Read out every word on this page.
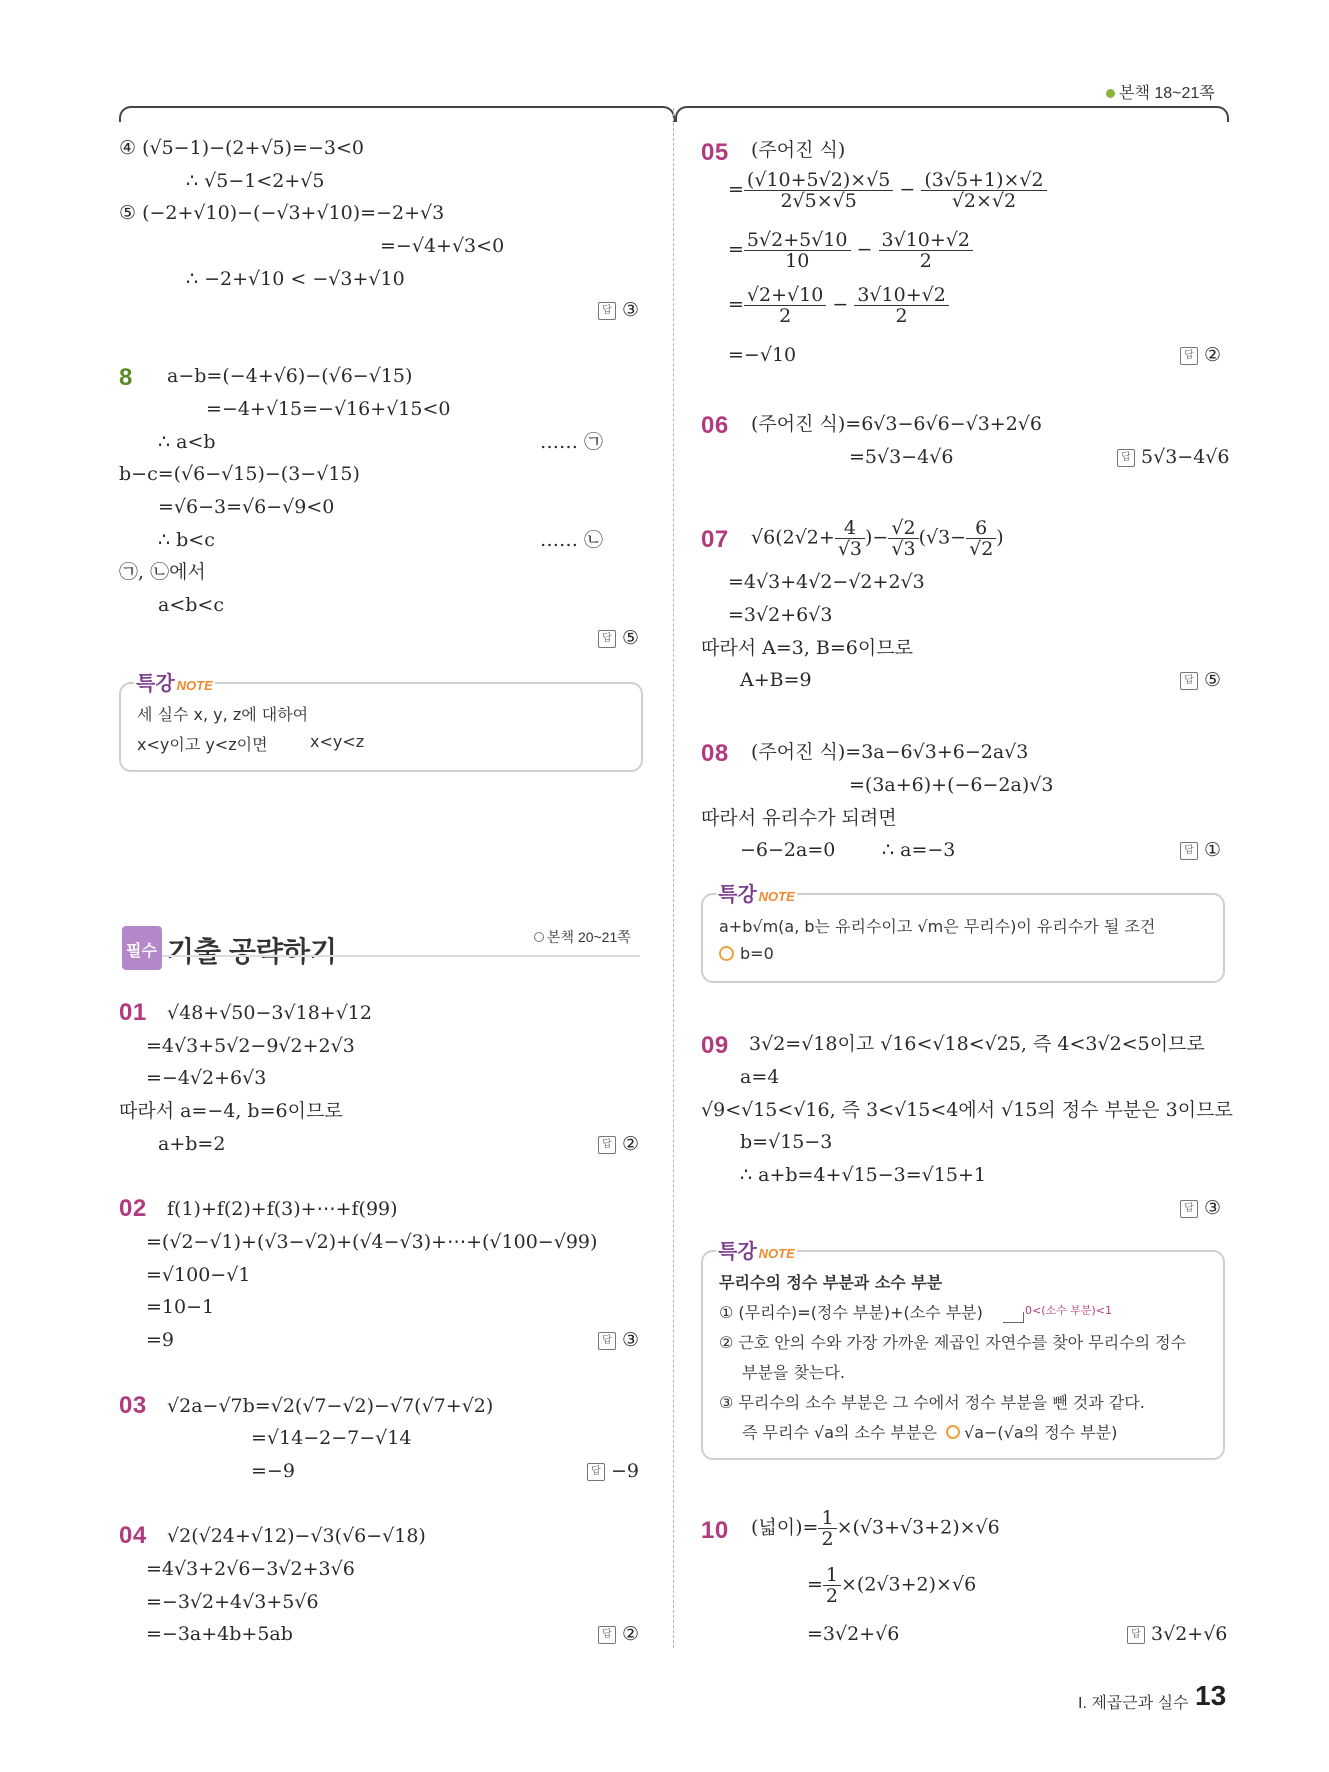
본책 18~21쪽
④ (√5−1)−(2+√5)=−3<0
∴ √5−1<2+√5
⑤ (−2+√10)−(−√3+√10)=−2+√3
=−√4+√3<0
∴ −2+√10 < −√3+√10
답 ③
8 a−b=(−4+√6)−(√6−√15)
=−4+√15=−√16+√15<0
∴ a<b	…… ㉠
b−c=(√6−√15)−(3−√15)
=√6−3=√6−√9<0
∴ b<c	…… ㉡
㉠, ㉡에서
a<b<c
답 ⑤
특강 NOTE
세 실수 x, y, z에 대하여
x<y이고 y<z이면	x<y<z
필수 기출 공략하기	본책 20~21쪽
01 √48+√50−3√18+√12
=4√3+5√2−9√2+2√3
=−4√2+6√3
따라서 a=−4, b=6이므로
a+b=2	답 ②
02 f(1)+f(2)+f(3)+⋯+f(99)
=(√2−√1)+(√3−√2)+(√4−√3)+⋯+(√100−√99)
=√100−√1
=10−1
=9	답 ③
03 √2a−√7b=√2(√7−√2)−√7(√7+√2)
=√14−2−7−√14
=−9	답 −9
04 √2(√24+√12)−√3(√6−√18)
=4√3+2√6−3√2+3√6
=−3√2+4√3+5√6
=−3a+4b+5ab	답 ②
05 (주어진 식)
= $\frac{(√10+5√2)\times√5}{2√5\times√5} - \frac{(3√5+1)\times√2}{√2\times√2}$
= $\frac{5√2+5√10}{10} - \frac{3√10+√2}{2}$
= $\frac{√2+√10}{2} - \frac{3√10+√2}{2}$
=−√10	답 ②
06 (주어진 식)=6√3−6√6−√3+2√6
=5√3−4√6	답 5√3−4√6
07 $√6(2√2+ \frac{4}{√3}$ )− $\frac{√2}{√3} (√3- \frac{6}{√2}$ )
=4√3+4√2−√2+2√3
=3√2+6√3
따라서 A=3, B=6이므로
A+B=9	답 ⑤
08 (주어진 식)=3a−6√3+6−2a√3
=(3a+6)+(−6−2a)√3
따라서 유리수가 되려면
−6−2a=0 ∴ a=−3	답 ①
특강 NOTE
a+b√m(a, b는 유리수이고 √m은 무리수)이 유리수가 될 조건
b=0
09 3√2=√18이고 √16<√18<√25, 즉 4<3√2<5이므로
a=4
√9<√15<√16, 즉 3<√15<4에서 √15의 정수 부분은 3이므로
b=√15−3
∴ a+b=4+√15−3=√15+1
답 ③
특강 NOTE
무리수의 정수 부분과 소수 부분
① (무리수)=(정수 부분)+(소수 부분)	0<(소수 부분)<1
② 근호 안의 수와 가장 가까운 제곱인 자연수를 찾아 무리수의 정수
부분을 찾는다.
③ 무리수의 소수 부분은 그 수에서 정수 부분을 뺀 것과 같다.
즉 무리수 √a의 소수 부분은 √a−(√a의 정수 부분)
10 (넓이)= $\frac{1}{2} \times(√3+√3+2)\times√6$
= $\frac{1}{2} \times(2√3+2)\times√6$
=3√2+√6	답 3√2+√6
I. 제곱근과 실수 13
